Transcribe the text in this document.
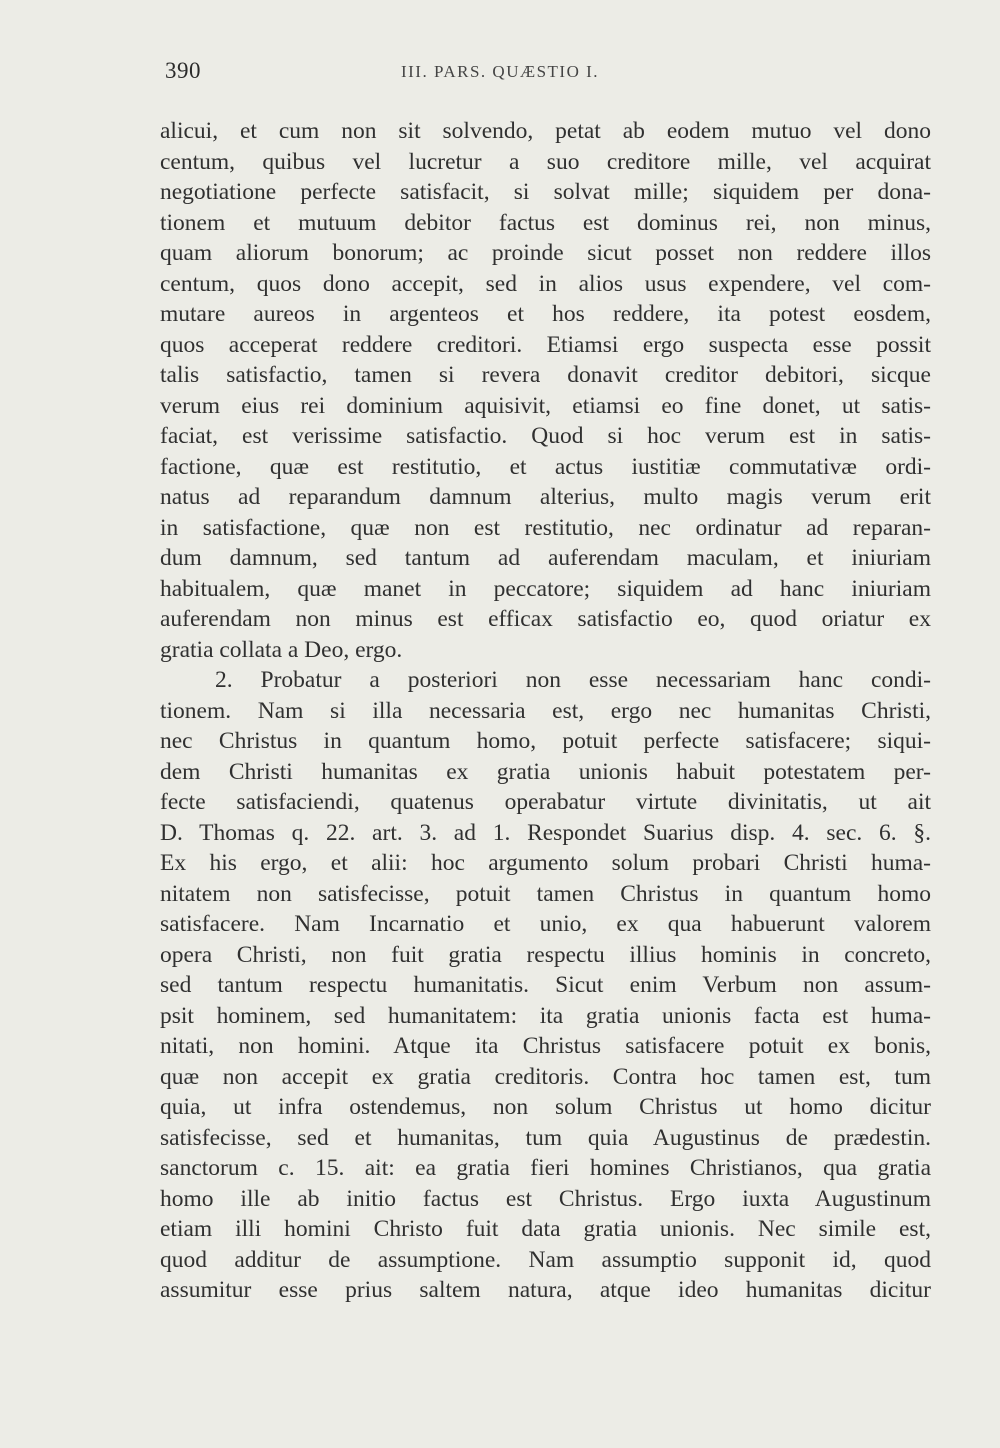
390	III. PARS. QUÆSTIO I.
alicui, et cum non sit solvendo, petat ab eodem mutuo vel dono
centum, quibus vel lucretur a suo creditore mille, vel acquirat
negotiatione perfecte satisfacit, si solvat mille; siquidem per dona-
tionem et mutuum debitor factus est dominus rei, non minus,
quam aliorum bonorum; ac proinde sicut posset non reddere illos
centum, quos dono accepit, sed in alios usus expendere, vel com-
mutare aureos in argenteos et hos reddere, ita potest eosdem,
quos acceperat reddere creditori. Etiamsi ergo suspecta esse possit
talis satisfactio, tamen si revera donavit creditor debitori, sicque
verum eius rei dominium aquisivit, etiamsi eo fine donet, ut satis-
faciat, est verissime satisfactio. Quod si hoc verum est in satis-
factione, quæ est restitutio, et actus iustitiæ commutativæ ordi-
natus ad reparandum damnum alterius, multo magis verum erit
in satisfactione, quæ non est restitutio, nec ordinatur ad reparan-
dum damnum, sed tantum ad auferendam maculam, et iniuriam
habitualem, quæ manet in peccatore; siquidem ad hanc iniuriam
auferendam non minus est efficax satisfactio eo, quod oriatur ex
gratia collata a Deo, ergo.
2. Probatur a posteriori non esse necessariam hanc condi-
tionem. Nam si illa necessaria est, ergo nec humanitas Christi,
nec Christus in quantum homo, potuit perfecte satisfacere; siqui-
dem Christi humanitas ex gratia unionis habuit potestatem per-
fecte satisfaciendi, quatenus operabatur virtute divinitatis, ut ait
D. Thomas q. 22. art. 3. ad 1. Respondet Suarius disp. 4. sec. 6. §.
Ex his ergo, et alii: hoc argumento solum probari Christi huma-
nitatem non satisfecisse, potuit tamen Christus in quantum homo
satisfacere. Nam Incarnatio et unio, ex qua habuerunt valorem
opera Christi, non fuit gratia respectu illius hominis in concreto,
sed tantum respectu humanitatis. Sicut enim Verbum non assum-
psit hominem, sed humanitatem: ita gratia unionis facta est huma-
nitati, non homini. Atque ita Christus satisfacere potuit ex bonis,
quæ non accepit ex gratia creditoris. Contra hoc tamen est, tum
quia, ut infra ostendemus, non solum Christus ut homo dicitur
satisfecisse, sed et humanitas, tum quia Augustinus de prædestin.
sanctorum c. 15. ait: ea gratia fieri homines Christianos, qua gratia
homo ille ab initio factus est Christus. Ergo iuxta Augustinum
etiam illi homini Christo fuit data gratia unionis. Nec simile est,
quod additur de assumptione. Nam assumptio supponit id, quod
assumitur esse prius saltem natura, atque ideo humanitas dicitur
